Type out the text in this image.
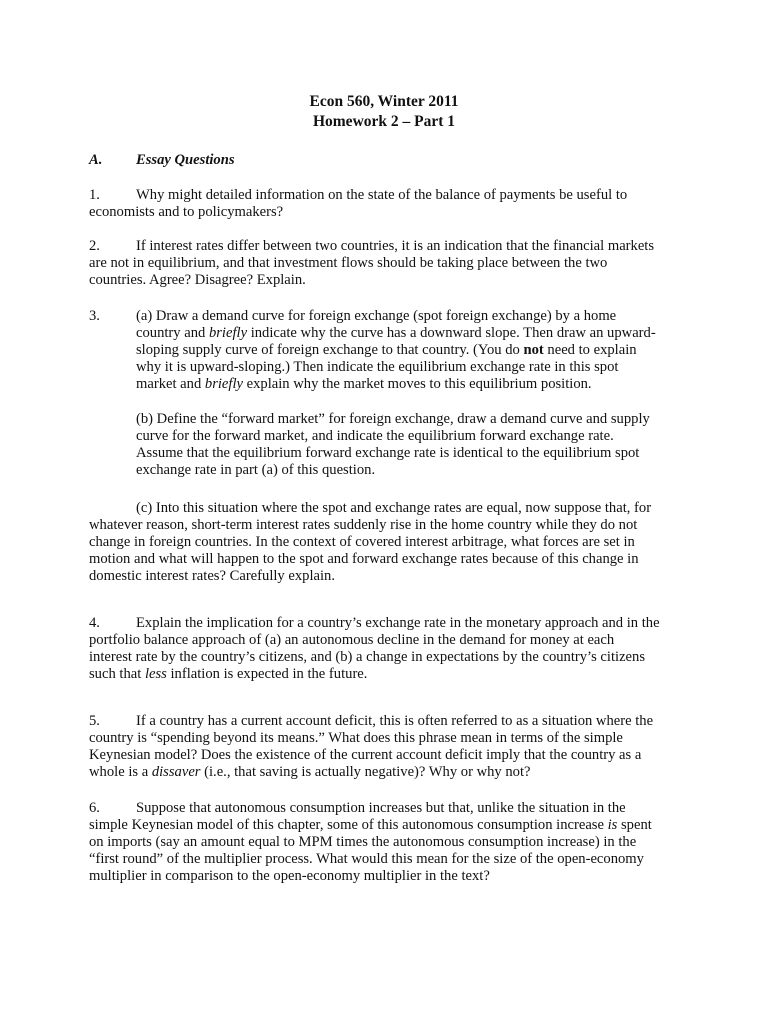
Econ 560, Winter 2011
Homework 2 – Part 1
A. Essay Questions
1. Why might detailed information on the state of the balance of payments be useful to
economists and to policymakers?
2. If interest rates differ between two countries, it is an indication that the financial markets
are not in equilibrium, and that investment flows should be taking place between the two
countries. Agree? Disagree? Explain.
3. (a) Draw a demand curve for foreign exchange (spot foreign exchange) by a home
country and briefly indicate why the curve has a downward slope. Then draw an upward-
sloping supply curve of foreign exchange to that country. (You do not need to explain
why it is upward-sloping.) Then indicate the equilibrium exchange rate in this spot
market and briefly explain why the market moves to this equilibrium position.
(b) Define the “forward market” for foreign exchange, draw a demand curve and supply
curve for the forward market, and indicate the equilibrium forward exchange rate.
Assume that the equilibrium forward exchange rate is identical to the equilibrium spot
exchange rate in part (a) of this question.
(c) Into this situation where the spot and exchange rates are equal, now suppose that, for
whatever reason, short-term interest rates suddenly rise in the home country while they do not
change in foreign countries. In the context of covered interest arbitrage, what forces are set in
motion and what will happen to the spot and forward exchange rates because of this change in
domestic interest rates? Carefully explain.
4. Explain the implication for a country’s exchange rate in the monetary approach and in the
portfolio balance approach of (a) an autonomous decline in the demand for money at each
interest rate by the country’s citizens, and (b) a change in expectations by the country’s citizens
such that less inflation is expected in the future.
5. If a country has a current account deficit, this is often referred to as a situation where the
country is “spending beyond its means.” What does this phrase mean in terms of the simple
Keynesian model? Does the existence of the current account deficit imply that the country as a
whole is a dissaver (i.e., that saving is actually negative)? Why or why not?
6. Suppose that autonomous consumption increases but that, unlike the situation in the
simple Keynesian model of this chapter, some of this autonomous consumption increase is spent
on imports (say an amount equal to MPM times the autonomous consumption increase) in the
“first round” of the multiplier process. What would this mean for the size of the open-economy
multiplier in comparison to the open-economy multiplier in the text?
